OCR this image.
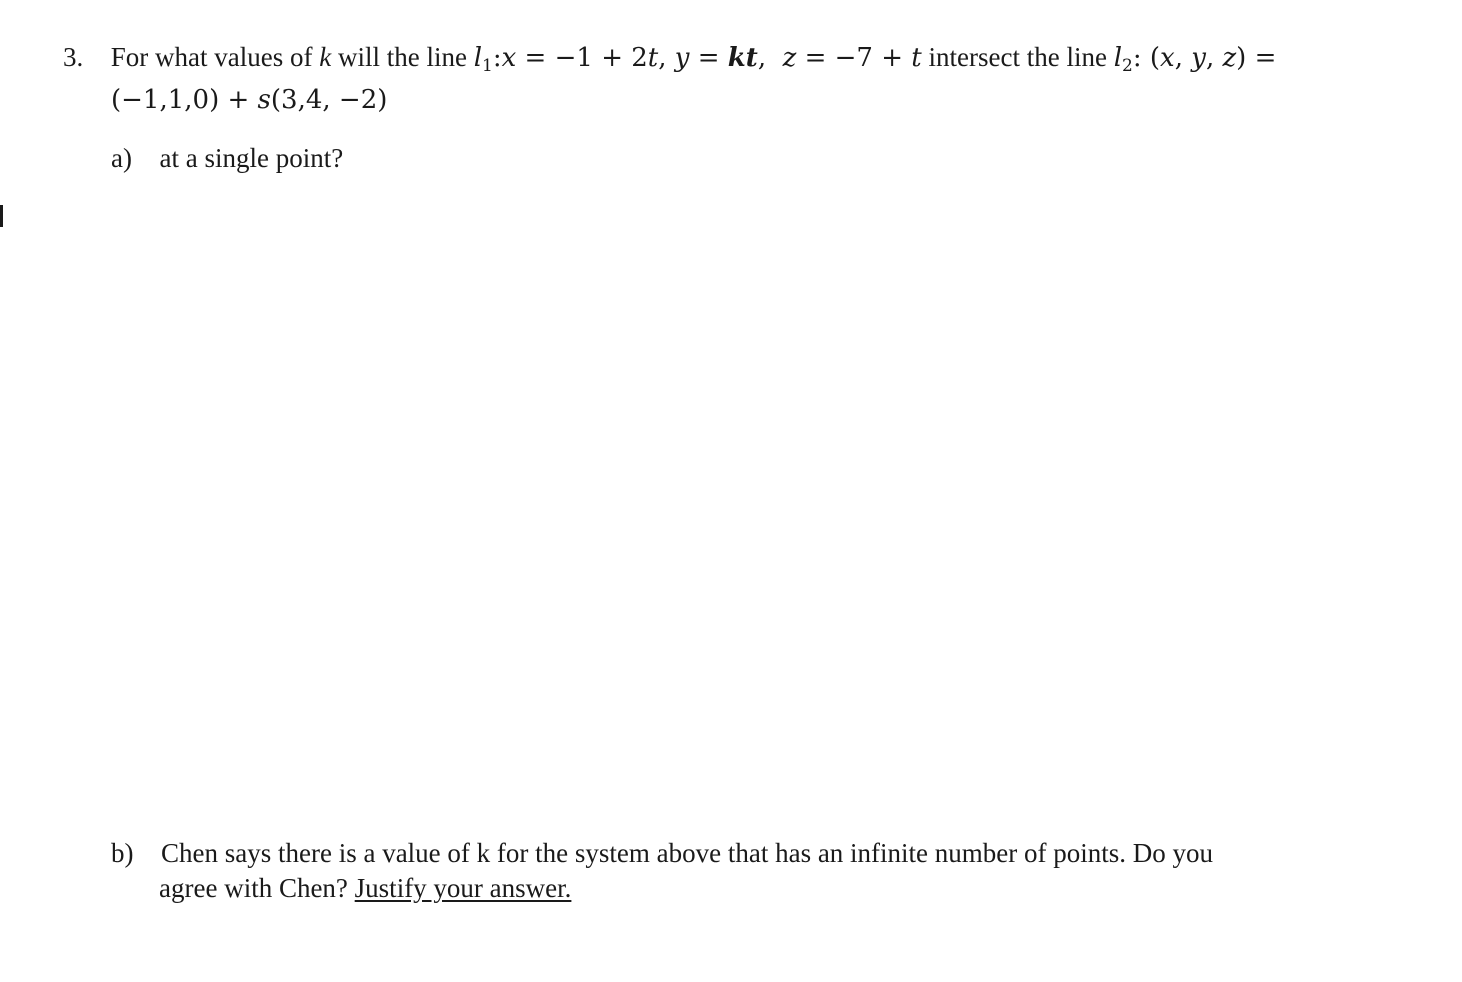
3. For what values of k will the line $l_1:x = -1 + 2t$, y = kt, z = −7 + t intersect the line $l_2$: (x, y, z) =
(−1,1,0) + s(3,4, −2)
a) at a single point?
b) Chen says there is a value of k for the system above that has an infinite number of points. Do you
agree with Chen? Justify your answer.
